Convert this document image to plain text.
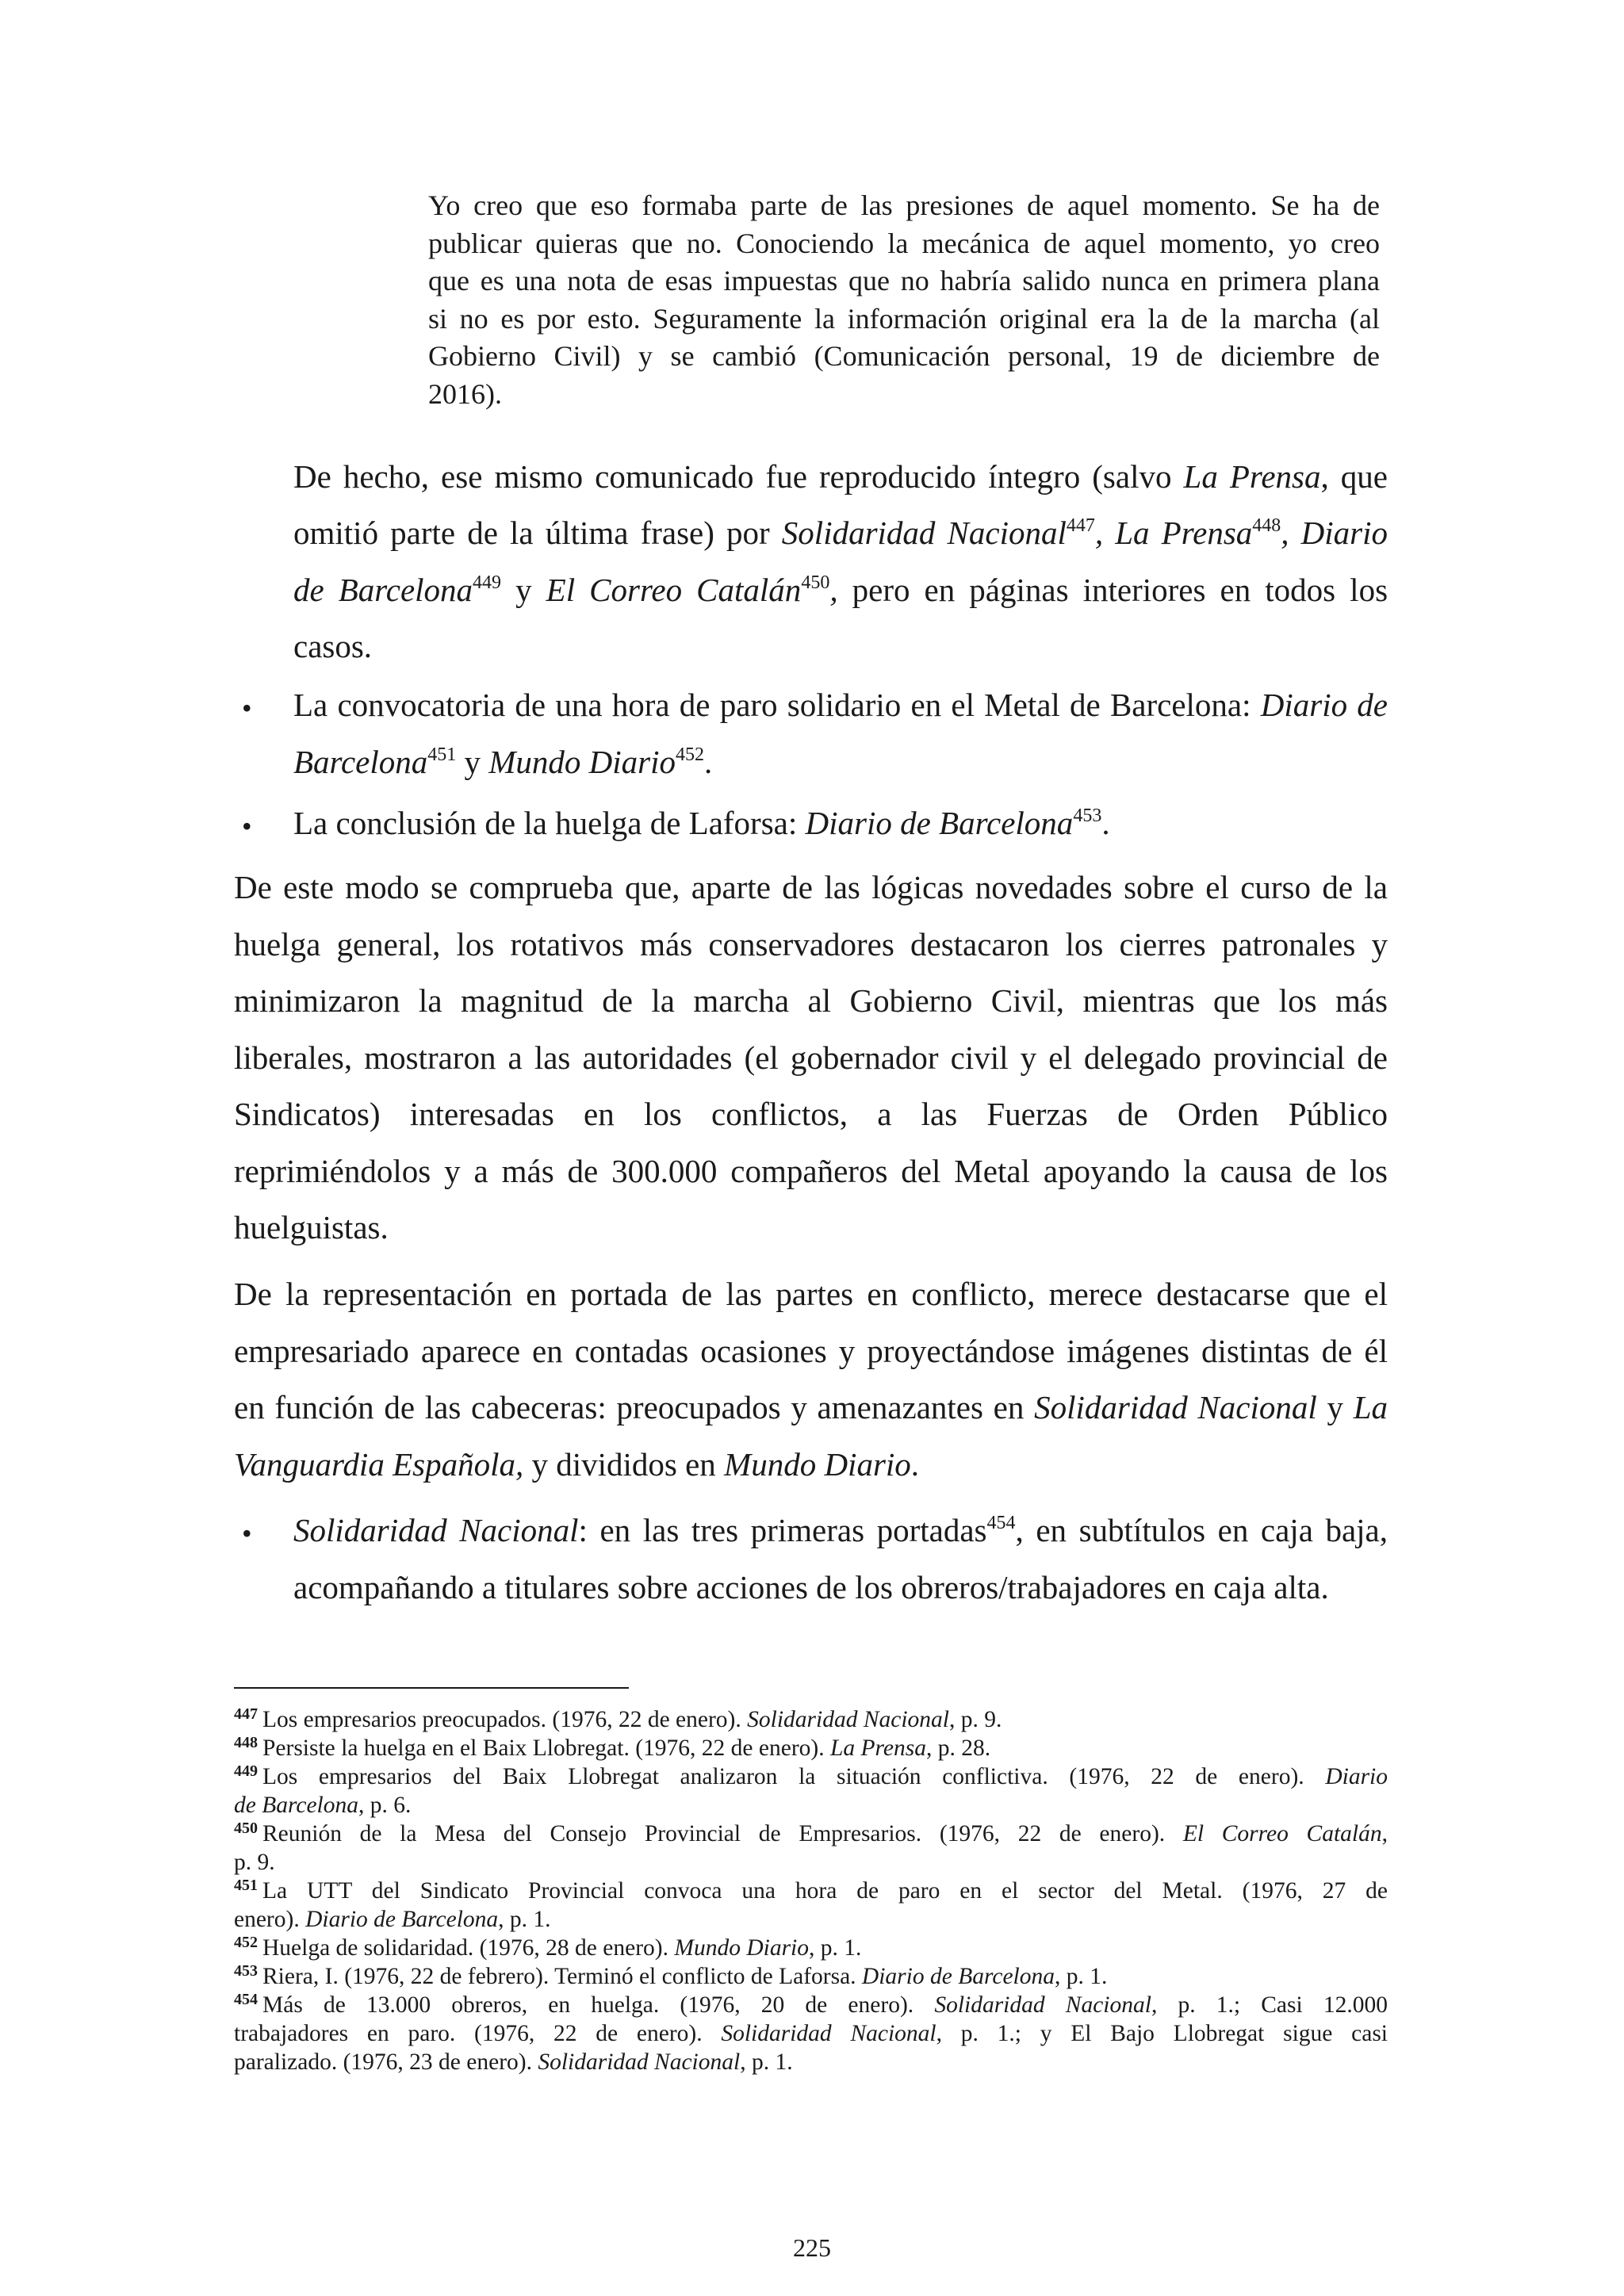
Yo creo que eso formaba parte de las presiones de aquel momento. Se ha de
publicar quieras que no. Conociendo la mecánica de aquel momento, yo creo
que es una nota de esas impuestas que no habría salido nunca en primera plana
si no es por esto. Seguramente la información original era la de la marcha (al
Gobierno Civil) y se cambió (Comunicación personal, 19 de diciembre de
2016).
De hecho, ese mismo comunicado fue reproducido íntegro (salvo La Prensa, que
omitió parte de la última frase) por Solidaridad Nacional$^{447}$, La Prensa$^{448}$, Diario
de Barcelona$^{449}$ y El Correo Catalán$^{450}$, pero en páginas interiores en todos los
casos.
• La convocatoria de una hora de paro solidario en el Metal de Barcelona: Diario de
Barcelona$^{451}$ y Mundo Diario$^{452}$.
• La conclusión de la huelga de Laforsa: Diario de Barcelona$^{453}$.
De este modo se comprueba que, aparte de las lógicas novedades sobre el curso de la
huelga general, los rotativos más conservadores destacaron los cierres patronales y
minimizaron la magnitud de la marcha al Gobierno Civil, mientras que los más
liberales, mostraron a las autoridades (el gobernador civil y el delegado provincial de
Sindicatos) interesadas en los conflictos, a las Fuerzas de Orden Público
reprimiéndolos y a más de 300.000 compañeros del Metal apoyando la causa de los
huelguistas.
De la representación en portada de las partes en conflicto, merece destacarse que el
empresariado aparece en contadas ocasiones y proyectándose imágenes distintas de él
en función de las cabeceras: preocupados y amenazantes en Solidaridad Nacional y La
Vanguardia Española, y divididos en Mundo Diario.
• Solidaridad Nacional: en las tres primeras portadas$^{454}$, en subtítulos en caja baja,
acompañando a titulares sobre acciones de los obreros/trabajadores en caja alta.
$^{447}$ Los empresarios preocupados. (1976, 22 de enero). Solidaridad Nacional, p. 9.
$^{448}$ Persiste la huelga en el Baix Llobregat. (1976, 22 de enero). La Prensa, p. 28.
$^{449}$ Los empresarios del Baix Llobregat analizaron la situación conflictiva. (1976, 22 de enero). Diario
de Barcelona, p. 6.
$^{450}$ Reunión de la Mesa del Consejo Provincial de Empresarios. (1976, 22 de enero). El Correo Catalán,
p. 9.
$^{451}$ La UTT del Sindicato Provincial convoca una hora de paro en el sector del Metal. (1976, 27 de
enero). Diario de Barcelona, p. 1.
$^{452}$ Huelga de solidaridad. (1976, 28 de enero). Mundo Diario, p. 1.
$^{453}$ Riera, I. (1976, 22 de febrero). Terminó el conflicto de Laforsa. Diario de Barcelona, p. 1.
$^{454}$ Más de 13.000 obreros, en huelga. (1976, 20 de enero). Solidaridad Nacional, p. 1.; Casi 12.000
trabajadores en paro. (1976, 22 de enero). Solidaridad Nacional, p. 1.; y El Bajo Llobregat sigue casi
paralizado. (1976, 23 de enero). Solidaridad Nacional, p. 1.
225
